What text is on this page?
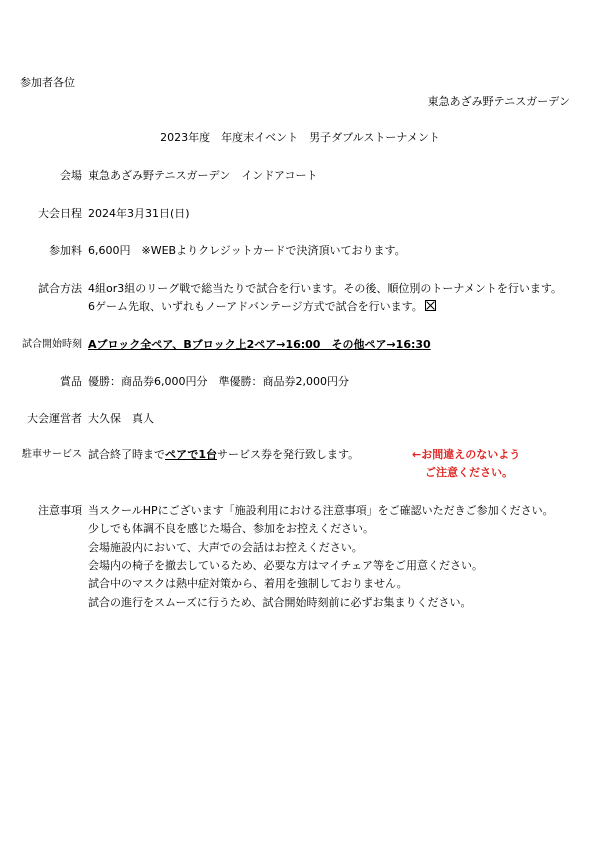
参加者各位
東急あざみ野テニスガーデン
2023年度　年度末イベント　男子ダブルストーナメント
会場 東急あざみ野テニスガーデン　インドアコート
大会日程 2024年3月31日(日)
参加料 6,600円　※WEBよりクレジットカードで決済頂いております。
試合方法 4組or3組のリーグ戦で総当たりで試合を行います。その後、順位別のトーナメントを行います。
6ゲーム先取、いずれもノーアドバンテージ方式で試合を行います。
試合開始時刻 Aブロック全ペア、Bブロック上2ペア→16:00　その他ペア→16:30
賞品 優勝：商品券6,000円分　準優勝：商品券2,000円分
大会運営者 大久保　真人
駐車サービス 試合終了時までペアで1台サービス券を発行致します。	←お間違えのないよう
ご注意ください。
注意事項 当スクールHPにございます「施設利用における注意事項」をご確認いただきご参加ください。
少しでも体調不良を感じた場合、参加をお控えください。
会場施設内において、大声での会話はお控えください。
会場内の椅子を撤去しているため、必要な方はマイチェア等をご用意ください。
試合中のマスクは熱中症対策から、着用を強制しておりません。
試合の進行をスムーズに行うため、試合開始時刻前に必ずお集まりください。
